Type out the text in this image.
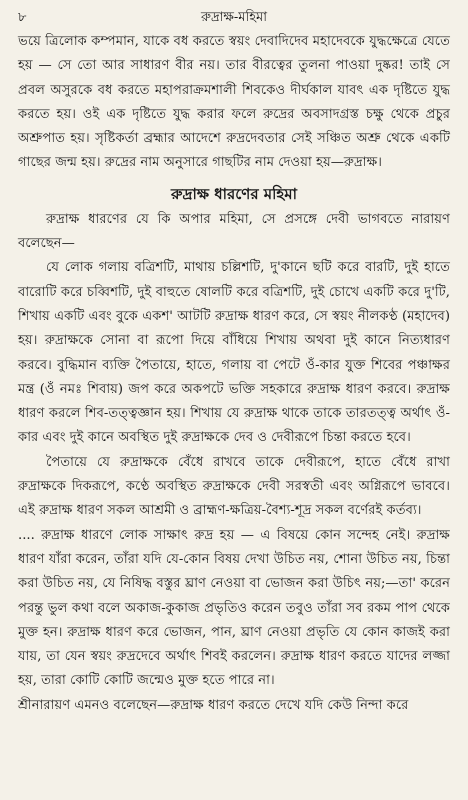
৮	রুদ্রাক্ষ-মহিমা

ভয়ে ত্রিলোক কম্পমান, যাকে বধ করতে স্বয়ং দেবাদিদেব মহাদেবকে যুদ্ধক্ষেত্রে যেতে হয় — সে তো আর সাধারণ বীর নয়। তার বীরত্বের তুলনা পাওয়া দুষ্কর! তাই সে প্রবল অসুরকে বধ করতে মহাপরাক্রমশালী শিবকেও দীর্ঘকাল যাবৎ এক দৃষ্টিতে যুদ্ধ করতে হয়। ওই এক দৃষ্টিতে যুদ্ধ করার ফলে রুদ্রের অবসাদগ্রস্ত চক্ষু থেকে প্রচুর অশ্রুপাত হয়। সৃষ্টিকর্তা ব্রহ্মার আদেশে রুদ্রদেবতার সেই সঞ্চিত অশ্রু থেকে একটি গাছের জন্ম হয়। রুদ্রের নাম অনুসারে গাছটির নাম দেওয়া হয়—রুদ্রাক্ষ।

রুদ্রাক্ষ ধারণের মহিমা

রুদ্রাক্ষ ধারণের যে কি অপার মহিমা, সে প্রসঙ্গে দেবী ভাগবতে নারায়ণ বলেছেন—

যে লোক গলায় বত্রিশটি, মাথায় চল্লিশটি, দু'কানে ছটি করে বারটি, দুই হাতে বারোটি করে চব্বিশটি, দুই বাহুতে ষোলটি করে বত্রিশটি, দুই চোখে একটি করে দু'টি, শিখায় একটি এবং বুকে একশ' আটটি রুদ্রাক্ষ ধারণ করে, সে স্বয়ং নীলকণ্ঠ (মহাদেব) হয়। রুদ্রাক্ষকে সোনা বা রূপো দিয়ে বাঁধিয়ে শিখায় অথবা দুই কানে নিত্যধারণ করবে। বুদ্ধিমান ব্যক্তি পৈতায়ে, হাতে, গলায় বা পেটে ওঁ-কার যুক্ত শিবের পঞ্চাক্ষর মন্ত্র (ওঁ নমঃ শিবায়) জপ করে অকপটে ভক্তি সহকারে রুদ্রাক্ষ ধারণ করবে। রুদ্রাক্ষ ধারণ করলে শিব-তত্ত্বজ্ঞান হয়। শিখায় যে রুদ্রাক্ষ থাকে তাকে তারতত্ত্ব অর্থাৎ ওঁ-কার এবং দুই কানে অবস্থিত দুই রুদ্রাক্ষকে দেব ও দেবীরূপে চিন্তা করতে হবে।

পৈতায়ে যে রুদ্রাক্ষকে বেঁধে রাখবে তাকে দেবীরূপে, হাতে বেঁধে রাখা রুদ্রাক্ষকে দিকরূপে, কণ্ঠে অবস্থিত রুদ্রাক্ষকে দেবী সরস্বতী এবং অগ্নিরূপে ভাববে। এই রুদ্রাক্ষ ধারণ সকল আশ্রমী ও ব্রাহ্মণ-ক্ষত্রিয়-বৈশ্য-শূদ্র সকল বর্ণেরই কর্তব্য।

.... রুদ্রাক্ষ ধারণে লোক সাক্ষাৎ রুদ্র হয় — এ বিষয়ে কোন সন্দেহ নেই। রুদ্রাক্ষ ধারণ যাঁরা করেন, তাঁরা যদি যে-কোন বিষয় দেখা উচিত নয়, শোনা উচিত নয়, চিন্তা করা উচিত নয়, যে নিষিদ্ধ বস্তুর ঘ্রাণ নেওয়া বা ভোজন করা উচিৎ নয়;—তা' করেন পরন্তু ভুল কথা বলে অকাজ-কুকাজ প্রভৃতিও করেন তবুও তাঁরা সব রকম পাপ থেকে মুক্ত হন। রুদ্রাক্ষ ধারণ করে ভোজন, পান, ঘ্রাণ নেওয়া প্রভৃতি যে কোন কাজই করা যায়, তা যেন স্বয়ং রুদ্রদেবে অর্থাৎ শিবই করলেন। রুদ্রাক্ষ ধারণ করতে যাদের লজ্জা হয়, তারা কোটি কোটি জন্মেও মুক্ত হতে পারে না।

শ্রীনারায়ণ এমনও বলেছেন—রুদ্রাক্ষ ধারণ করতে দেখে যদি কেউ নিন্দা করে
